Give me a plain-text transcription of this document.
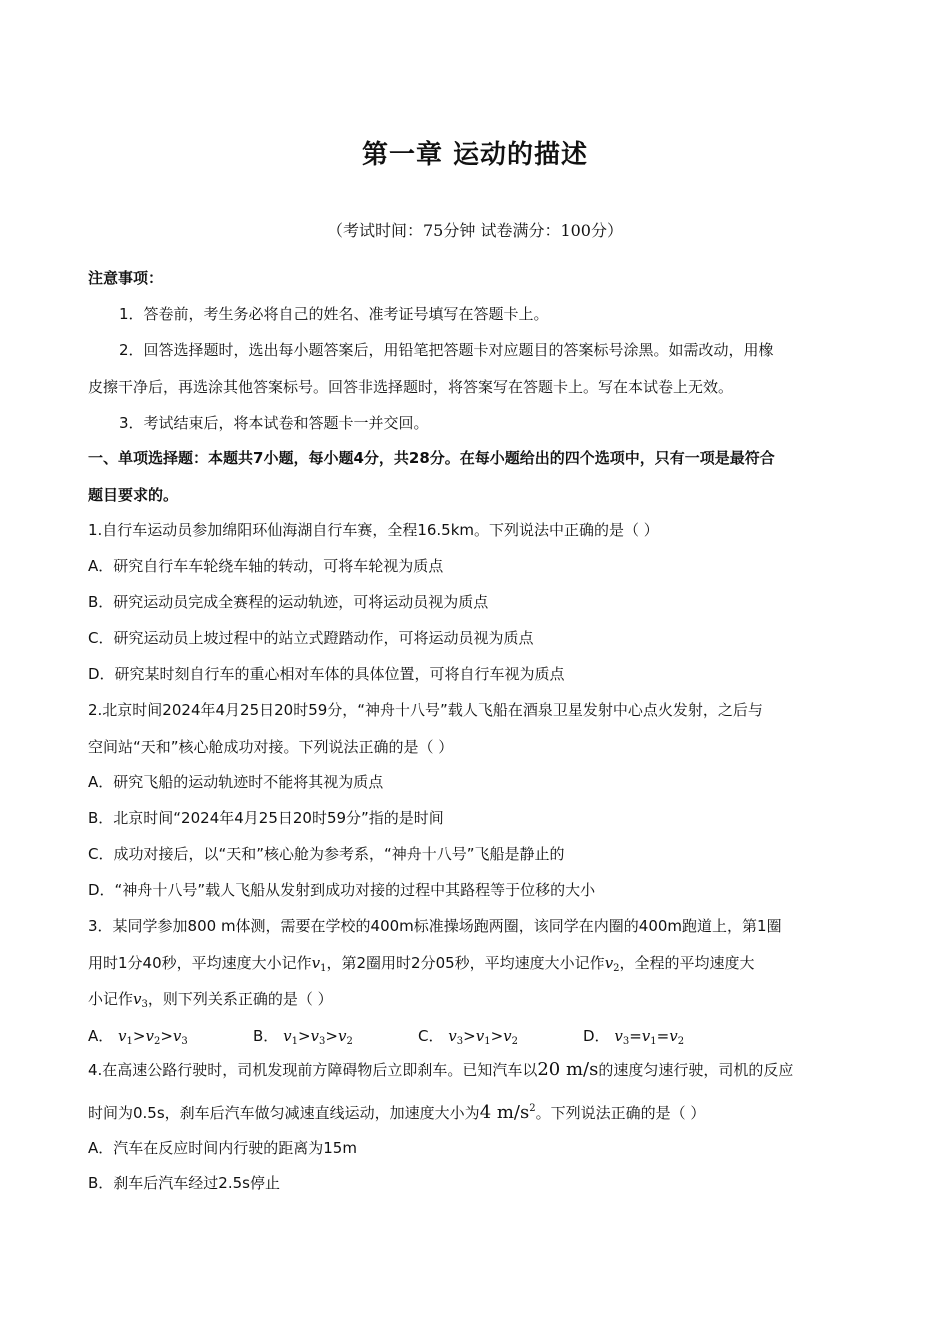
第一章 运动的描述
（考试时间：75分钟 试卷满分：100分）
注意事项：
1．答卷前，考生务必将自己的姓名、准考证号填写在答题卡上。
2．回答选择题时，选出每小题答案后，用铅笔把答题卡对应题目的答案标号涂黑。如需改动，用橡
皮擦干净后，再选涂其他答案标号。回答非选择题时，将答案写在答题卡上。写在本试卷上无效。
3．考试结束后，将本试卷和答题卡一并交回。
一、单项选择题：本题共7小题，每小题4分，共28分。在每小题给出的四个选项中，只有一项是最符合
题目要求的。
1.自行车运动员参加绵阳环仙海湖自行车赛，全程16.5km。下列说法中正确的是（ ）
A．研究自行车车轮绕车轴的转动，可将车轮视为质点
B．研究运动员完成全赛程的运动轨迹，可将运动员视为质点
C．研究运动员上坡过程中的站立式蹬踏动作，可将运动员视为质点
D．研究某时刻自行车的重心相对车体的具体位置，可将自行车视为质点
2.北京时间2024年4月25日20时59分，“神舟十八号”载人飞船在酒泉卫星发射中心点火发射，之后与
空间站“天和”核心舱成功对接。下列说法正确的是（ ）
A．研究飞船的运动轨迹时不能将其视为质点
B．北京时间“2024年4月25日20时59分”指的是时间
C．成功对接后，以“天和”核心舱为参考系，“神舟十八号”飞船是静止的
D．“神舟十八号”载人飞船从发射到成功对接的过程中其路程等于位移的大小
3．某同学参加800 m体测，需要在学校的400m标准操场跑两圈，该同学在内圈的400m跑道上，第1圈
用时1分40秒，平均速度大小记作$v_1$，第2圈用时2分05秒，平均速度大小记作$v_2$，全程的平均速度大
小记作$v_3$，则下列关系正确的是（ ）
A． $v_1>v_2>v_3$	B． $v_1>v_3>v_2$	C． $v_3>v_1>v_2$	D． $v_3=v_1=v_2$
4.在高速公路行驶时，司机发现前方障碍物后立即刹车。已知汽车以20 m/s的速度匀速行驶，司机的反应
时间为0.5s，刹车后汽车做匀减速直线运动，加速度大小为4 $m/s^2$。下列说法正确的是（ ）
A．汽车在反应时间内行驶的距离为15m
B．刹车后汽车经过2.5s停止
